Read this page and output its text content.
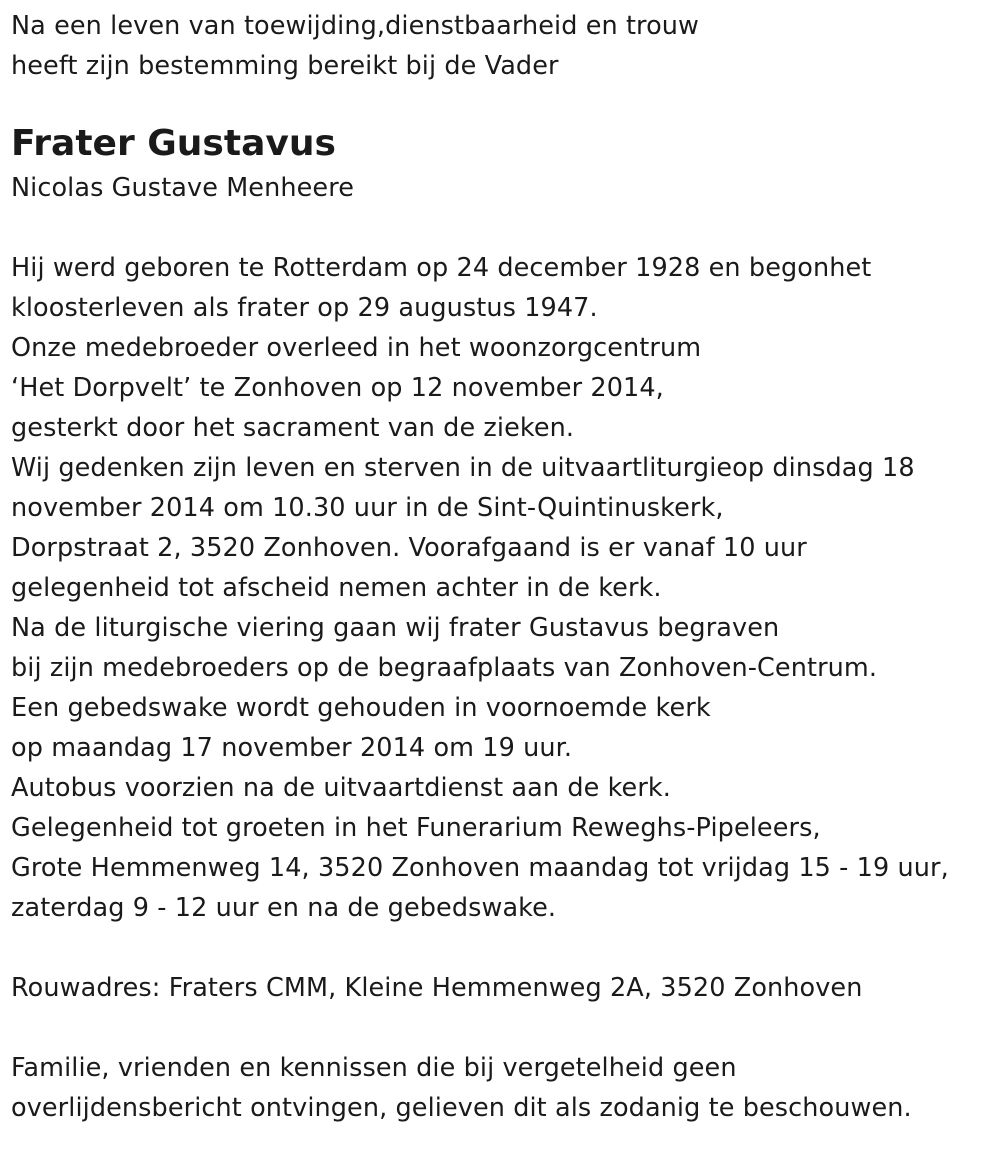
Na een leven van toewijding,dienstbaarheid en trouw
heeft zijn bestemming bereikt bij de Vader
Frater Gustavus
Nicolas Gustave Menheere
Hij werd geboren te Rotterdam op 24 december 1928 en begonhet
kloosterleven als frater op 29 augustus 1947.
Onze medebroeder overleed in het woonzorgcentrum
‘Het Dorpvelt’ te Zonhoven op 12 november 2014,
gesterkt door het sacrament van de zieken.
Wij gedenken zijn leven en sterven in de uitvaartliturgieop dinsdag 18
november 2014 om 10.30 uur in de Sint-Quintinuskerk,
Dorpstraat 2, 3520 Zonhoven. Voorafgaand is er vanaf 10 uur
gelegenheid tot afscheid nemen achter in de kerk.
Na de liturgische viering gaan wij frater Gustavus begraven
bij zijn medebroeders op de begraafplaats van Zonhoven-Centrum.
Een gebedswake wordt gehouden in voornoemde kerk
op maandag 17 november 2014 om 19 uur.
Autobus voorzien na de uitvaartdienst aan de kerk.
Gelegenheid tot groeten in het Funerarium Reweghs-Pipeleers,
Grote Hemmenweg 14, 3520 Zonhoven maandag tot vrijdag 15 - 19 uur,
zaterdag 9 - 12 uur en na de gebedswake.
Rouwadres: Fraters CMM, Kleine Hemmenweg 2A, 3520 Zonhoven
Familie, vrienden en kennissen die bij vergetelheid geen
overlijdensbericht ontvingen, gelieven dit als zodanig te beschouwen.
